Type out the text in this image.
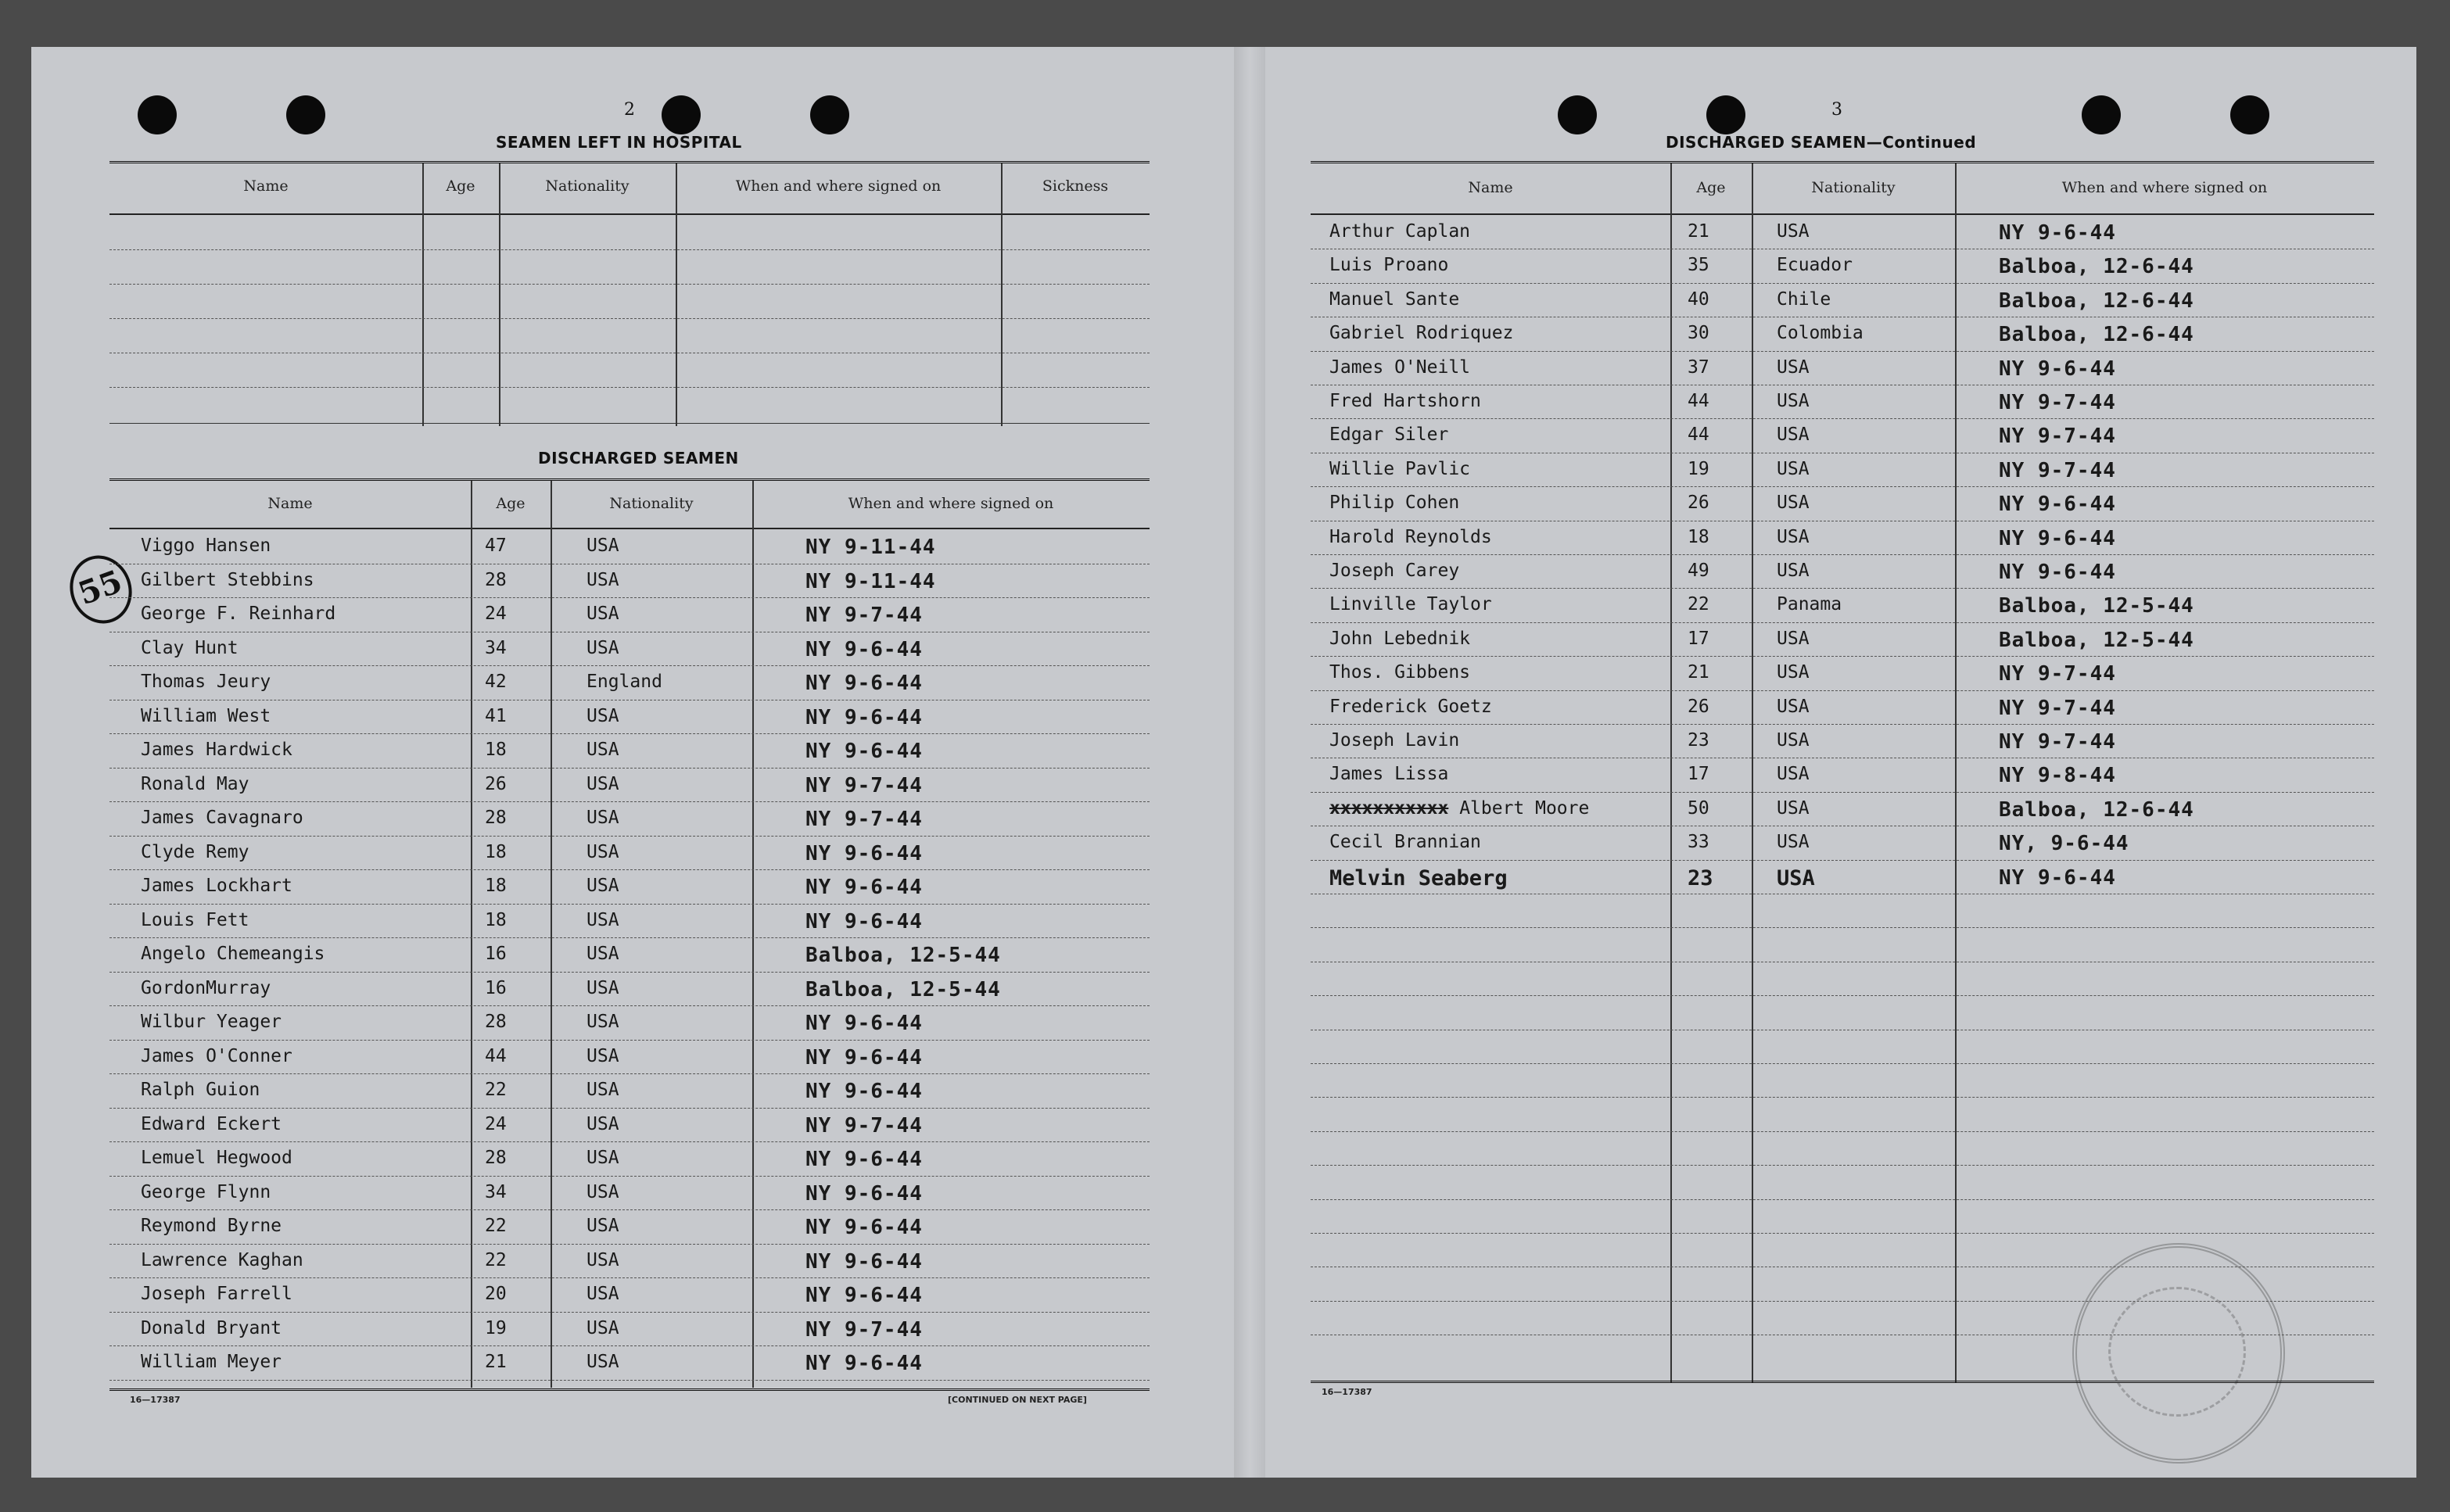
55
2
SEAMEN LEFT IN HOSPITAL
Name	Age	Nationality	When and where signed on	Sickness
DISCHARGED SEAMEN
Name	Age	Nationality	When and where signed on
Viggo Hansen	47	USA	NY 9-11-44
Gilbert Stebbins	28	USA	NY 9-11-44
George F. Reinhard	24	USA	NY 9-7-44
Clay Hunt	34	USA	NY 9-6-44
Thomas Jeury	42	England	NY 9-6-44
William West	41	USA	NY 9-6-44
James Hardwick	18	USA	NY 9-6-44
Ronald May	26	USA	NY 9-7-44
James Cavagnaro	28	USA	NY 9-7-44
Clyde Remy	18	USA	NY 9-6-44
James Lockhart	18	USA	NY 9-6-44
Louis Fett	18	USA	NY 9-6-44
Angelo Chemeangis	16	USA	Balboa, 12-5-44
GordonMurray	16	USA	Balboa, 12-5-44
Wilbur Yeager	28	USA	NY 9-6-44
James O'Conner	44	USA	NY 9-6-44
Ralph Guion	22	USA	NY 9-6-44
Edward Eckert	24	USA	NY 9-7-44
Lemuel Hegwood	28	USA	NY 9-6-44
George Flynn	34	USA	NY 9-6-44
Reymond Byrne	22	USA	NY 9-6-44
Lawrence Kaghan	22	USA	NY 9-6-44
Joseph Farrell	20	USA	NY 9-6-44
Donald Bryant	19	USA	NY 9-7-44
William Meyer	21	USA	NY 9-6-44
16—17387	[CONTINUED ON NEXT PAGE]
3
DISCHARGED SEAMEN—Continued
Name	Age	Nationality	When and where signed on
Arthur Caplan	21	USA	NY 9-6-44
Luis Proano	35	Ecuador	Balboa, 12-6-44
Manuel Sante	40	Chile	Balboa, 12-6-44
Gabriel Rodriquez	30	Colombia	Balboa, 12-6-44
James O'Neill	37	USA	NY 9-6-44
Fred Hartshorn	44	USA	NY 9-7-44
Edgar Siler	44	USA	NY 9-7-44
Willie Pavlic	19	USA	NY 9-7-44
Philip Cohen	26	USA	NY 9-6-44
Harold Reynolds	18	USA	NY 9-6-44
Joseph Carey	49	USA	NY 9-6-44
Linville Taylor	22	Panama	Balboa, 12-5-44
John Lebednik	17	USA	Balboa, 12-5-44
Thos. Gibbens	21	USA	NY 9-7-44
Frederick Goetz	26	USA	NY 9-7-44
Joseph Lavin	23	USA	NY 9-7-44
James Lissa	17	USA	NY 9-8-44
xxxxxxxxxxx Albert Moore	50	USA	Balboa, 12-6-44
Cecil Brannian	33	USA	NY, 9-6-44
Melvin Seaberg	23	USA	NY 9-6-44
16—17387
